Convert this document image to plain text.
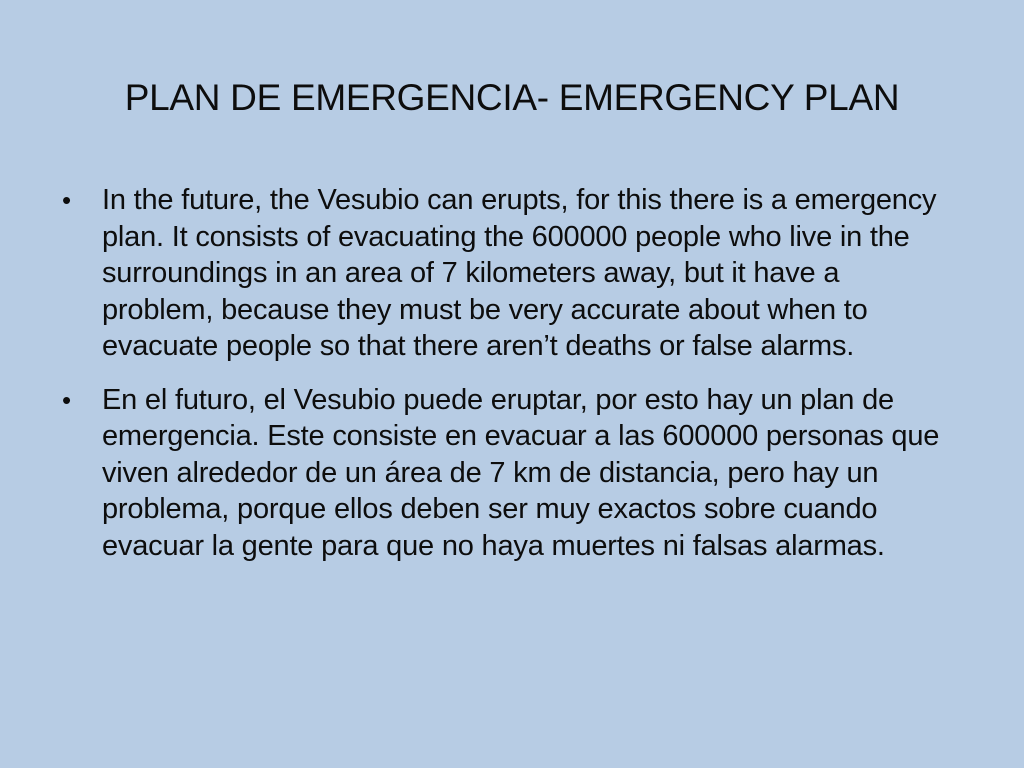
PLAN DE EMERGENCIA- EMERGENCY PLAN
• In the future, the Vesubio can erupts, for this there is a emergency plan. It consists of evacuating the 600000 people who live in the surroundings in an area of 7 kilometers away, but it have a problem, because they must be very accurate about when to evacuate people so that there aren’t deaths or false alarms.
• En el futuro, el Vesubio puede eruptar, por esto hay un plan de emergencia. Este consiste en evacuar a las 600000 personas que viven alrededor de un área de 7 km de distancia, pero hay un problema, porque ellos deben ser muy exactos sobre cuando evacuar la gente para que no haya muertes ni falsas alarmas.
